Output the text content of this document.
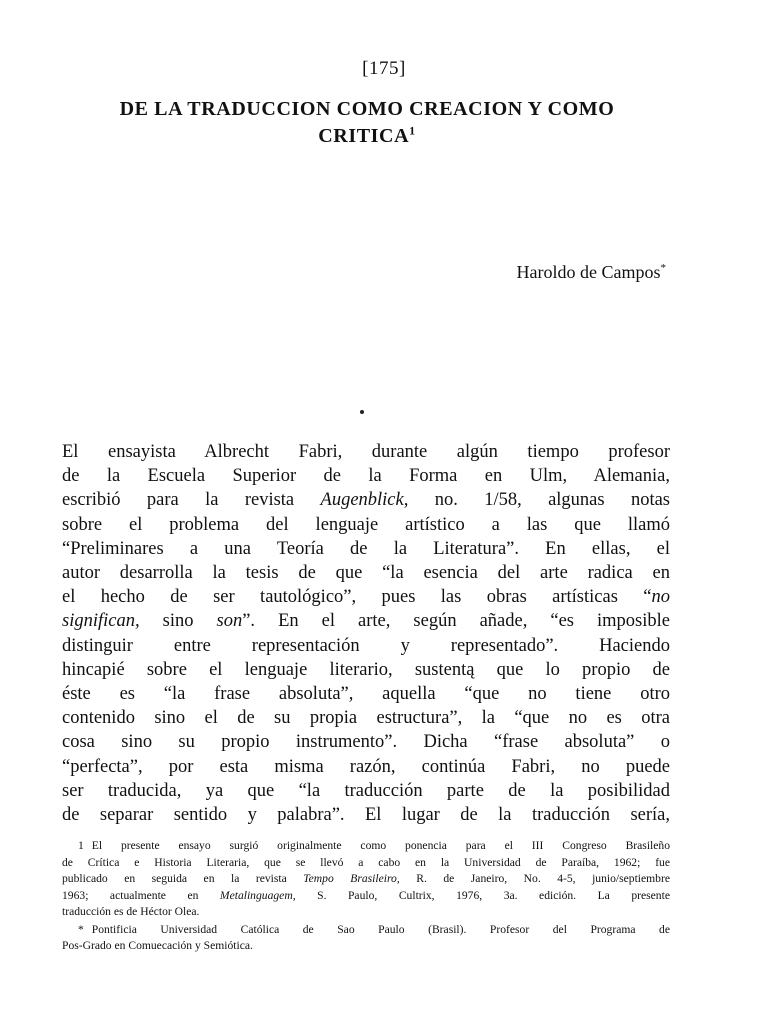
[175]
DE LA TRADUCCION COMO CREACION Y COMO
CRITICA$^1$
Haroldo de Campos*
El ensayista Albrecht Fabri, durante algún tiempo profesor
de la Escuela Superior de la Forma en Ulm, Alemania,
escribió para la revista Augenblick, no. 1/58, algunas notas
sobre el problema del lenguaje artístico a las que llamó
“Preliminares a una Teoría de la Literatura”. En ellas, el
autor desarrolla la tesis de que “la esencia del arte radica en
el hecho de ser tautológico”, pues las obras artísticas “no
significan, sino son”. En el arte, según añade, “es imposible
distinguir entre representación y representado”. Haciendo
hincapié sobre el lenguaje literario, sustentą que lo propio de
éste es “la frase absoluta”, aquella “que no tiene otro
contenido sino el de su propia estructura”, la “que no es otra
cosa sino su propio instrumento”. Dicha “frase absoluta” o
“perfecta”, por esta misma razón, continúa Fabri, no puede
ser traducida, ya que “la traducción parte de la posibilidad
de separar sentido y palabra”. El lugar de la traducción sería,
1 El presente ensayo surgió originalmente como ponencia para el III Congreso Brasileño
de Crítica e Historia Literaria, que se llevó a cabo en la Universidad de Paraíba, 1962; fue
publicado en seguida en la revista Tempo Brasileiro, R. de Janeiro, No. 4-5, junio/septiembre
1963; actualmente en Metalinguagem, S. Paulo, Cultrix, 1976, 3a. edición. La presente
traducción es de Héctor Olea.
* Pontificia Universidad Católica de Sao Paulo (Brasil). Profesor del Programa de
Pos-Grado en Comuecación y Semiótica.
